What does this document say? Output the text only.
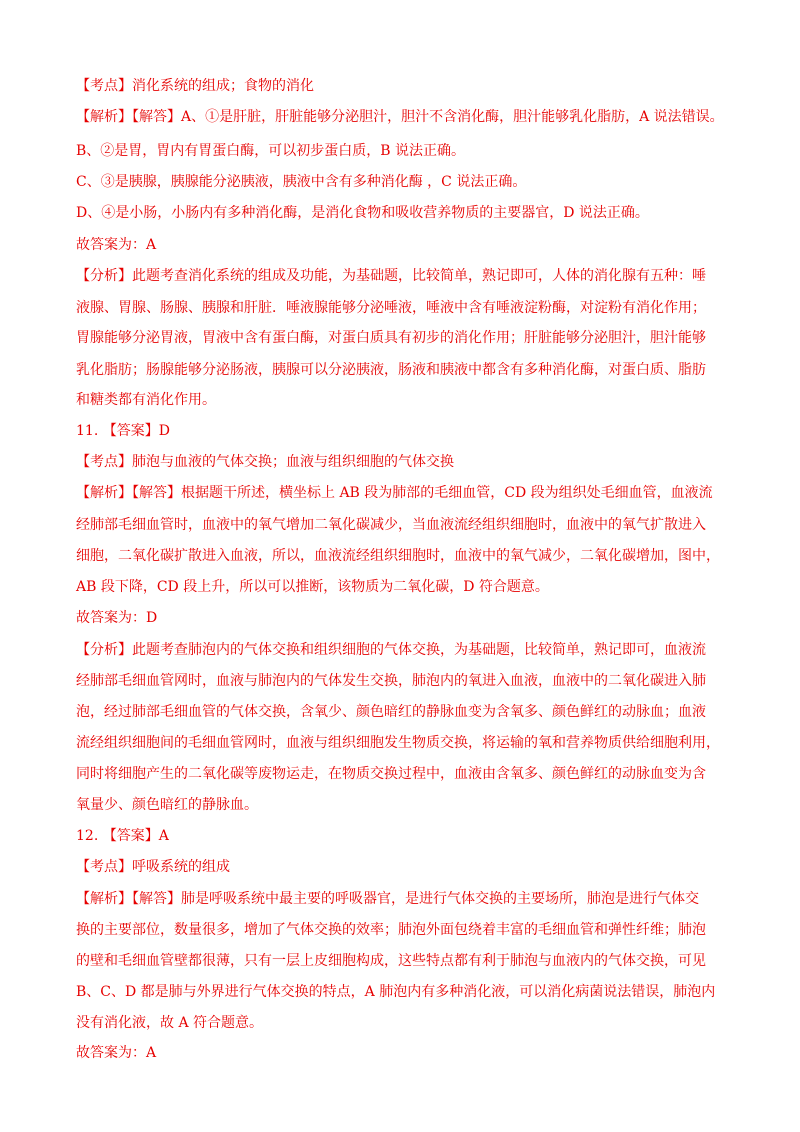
【考点】消化系统的组成；食物的消化
【解析】【解答】A、①是肝脏，肝脏能够分泌胆汁，胆汁不含消化酶，胆汁能够乳化脂肪，A 说法错误。
B、②是胃，胃内有胃蛋白酶，可以初步蛋白质，B 说法正确。
C、③是胰腺，胰腺能分泌胰液，胰液中含有多种消化酶 ，C 说法正确。
D、④是小肠，小肠内有多种消化酶，是消化食物和吸收营养物质的主要器官，D 说法正确。
故答案为：A
【分析】此题考查消化系统的组成及功能，为基础题，比较简单，熟记即可，人体的消化腺有五种：唾
液腺、胃腺、肠腺、胰腺和肝脏．唾液腺能够分泌唾液，唾液中含有唾液淀粉酶，对淀粉有消化作用；
胃腺能够分泌胃液，胃液中含有蛋白酶，对蛋白质具有初步的消化作用；肝脏能够分泌胆汁，胆汁能够
乳化脂肪；肠腺能够分泌肠液，胰腺可以分泌胰液，肠液和胰液中都含有多种消化酶，对蛋白质、脂肪
和糖类都有消化作用。
11. 【答案】D
【考点】肺泡与血液的气体交换；血液与组织细胞的气体交换
【解析】【解答】根据题干所述，横坐标上 AB 段为肺部的毛细血管，CD 段为组织处毛细血管，血液流
经肺部毛细血管时，血液中的氧气增加二氧化碳减少，当血液流经组织细胞时，血液中的氧气扩散进入
细胞，二氧化碳扩散进入血液，所以，血液流经组织细胞时，血液中的氧气减少，二氧化碳增加，图中，
AB 段下降，CD 段上升，所以可以推断，该物质为二氧化碳，D 符合题意。
故答案为：D
【分析】此题考查肺泡内的气体交换和组织细胞的气体交换，为基础题，比较简单，熟记即可，血液流
经肺部毛细血管网时，血液与肺泡内的气体发生交换，肺泡内的氧进入血液，血液中的二氧化碳进入肺
泡，经过肺部毛细血管的气体交换，含氧少、颜色暗红的静脉血变为含氧多、颜色鲜红的动脉血；血液
流经组织细胞间的毛细血管网时，血液与组织细胞发生物质交换，将运输的氧和营养物质供给细胞利用，
同时将细胞产生的二氧化碳等废物运走，在物质交换过程中，血液由含氧多、颜色鲜红的动脉血变为含
氧量少、颜色暗红的静脉血。
12. 【答案】A
【考点】呼吸系统的组成
【解析】【解答】肺是呼吸系统中最主要的呼吸器官，是进行气体交换的主要场所，肺泡是进行气体交
换的主要部位，数量很多，增加了气体交换的效率；肺泡外面包绕着丰富的毛细血管和弹性纤维；肺泡
的壁和毛细血管壁都很薄，只有一层上皮细胞构成，这些特点都有利于肺泡与血液内的气体交换，可见
B、C、D 都是肺与外界进行气体交换的特点，A 肺泡内有多种消化液，可以消化病菌说法错误，肺泡内
没有消化液，故 A 符合题意。
故答案为：A
